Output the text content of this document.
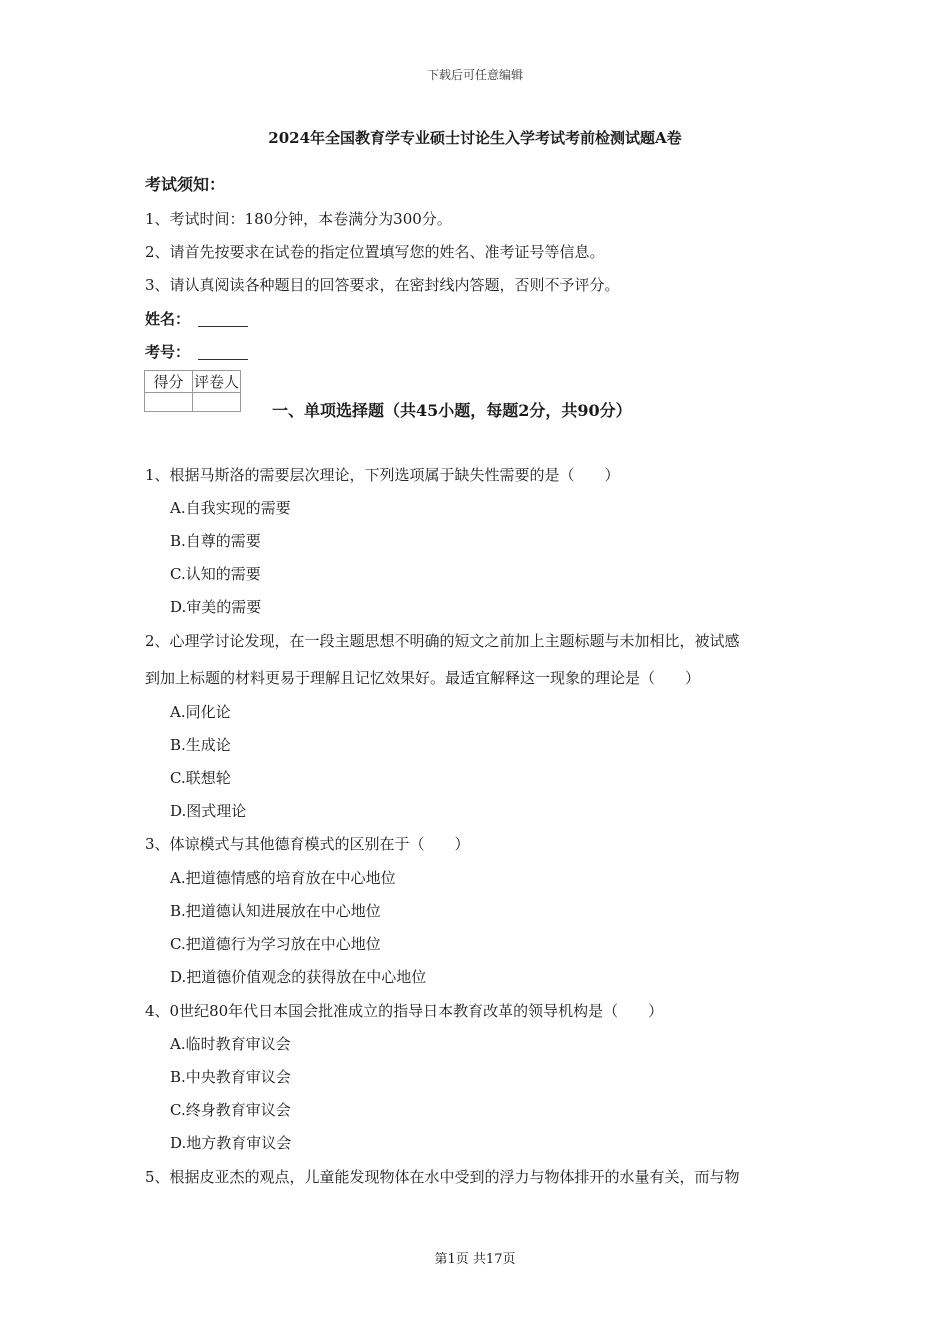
下载后可任意编辑
2024年全国教育学专业硕士讨论生入学考试考前检测试题A卷
考试须知：
1、考试时间：180分钟，本卷满分为300分。
2、请首先按要求在试卷的指定位置填写您的姓名、准考证号等信息。
3、请认真阅读各种题目的回答要求，在密封线内答题，否则不予评分。
姓名：
考号：
得分	评卷人

一、单项选择题（共45小题，每题2分，共90分）
1、根据马斯洛的需要层次理论，下列选项属于缺失性需要的是（　　）
A.自我实现的需要
B.自尊的需要
C.认知的需要
D.审美的需要
2、心理学讨论发现，在一段主题思想不明确的短文之前加上主题标题与未加相比，被试感
到加上标题的材料更易于理解且记忆效果好。最适宜解释这一现象的理论是（　　）
A.同化论
B.生成论
C.联想轮
D.图式理论
3、体谅模式与其他德育模式的区别在于（　　）
A.把道德情感的培育放在中心地位
B.把道德认知进展放在中心地位
C.把道德行为学习放在中心地位
D.把道德价值观念的获得放在中心地位
4、0世纪80年代日本国会批准成立的指导日本教育改革的领导机构是（　　）
A.临时教育审议会
B.中央教育审议会
C.终身教育审议会
D.地方教育审议会
5、根据皮亚杰的观点，儿童能发现物体在水中受到的浮力与物体排开的水量有关，而与物
第1页 共17页
